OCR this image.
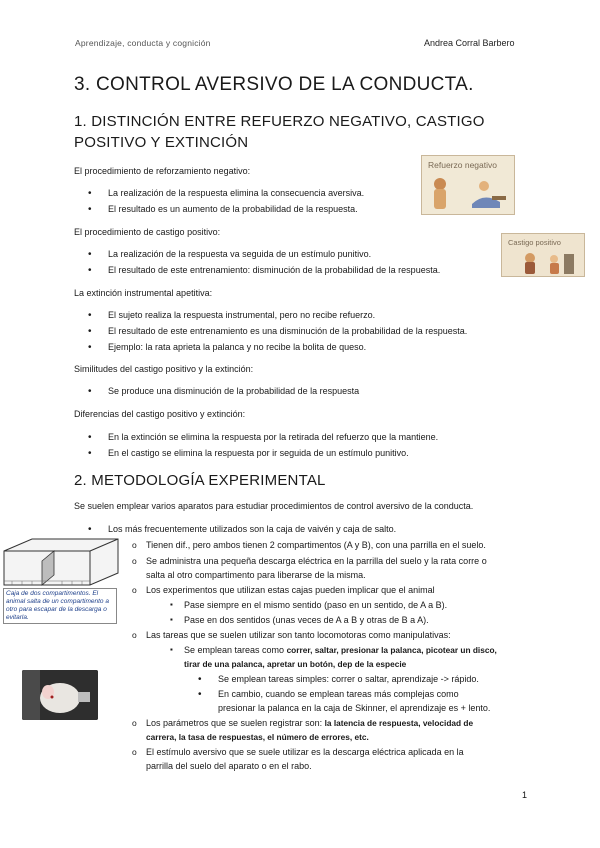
Aprendizaje, conducta y cognición	Andrea Corral Barbero
3. CONTROL AVERSIVO DE LA CONDUCTA.
1. DISTINCIÓN ENTRE REFUERZO NEGATIVO, CASTIGO
POSITIVO Y EXTINCIÓN
El procedimiento de reforzamiento negativo:
• La realización de la respuesta elimina la consecuencia aversiva.
• El resultado es un aumento de la probabilidad de la respuesta.
Refuerzo negativo
El procedimiento de castigo positivo:
• La realización de la respuesta va seguida de un estímulo punitivo.
• El resultado de este entrenamiento: disminución de la probabilidad de la respuesta.
Castigo positivo
La extinción instrumental apetitiva:
• El sujeto realiza la respuesta instrumental, pero no recibe refuerzo.
• El resultado de este entrenamiento es una disminución de la probabilidad de la respuesta.
• Ejemplo: la rata aprieta la palanca y no recibe la bolita de queso.
Similitudes del castigo positivo y la extinción:
• Se produce una disminución de la probabilidad de la respuesta
Diferencias del castigo positivo y extinción:
• En la extinción se elimina la respuesta por la retirada del refuerzo que la mantiene.
• En el castigo se elimina la respuesta por ir seguida de un estímulo punitivo.
2. METODOLOGÍA EXPERIMENTAL
Se suelen emplear varios aparatos para estudiar procedimientos de control aversivo de la conducta.
• Los más frecuentemente utilizados son la caja de vaivén y caja de salto.
o Tienen dif., pero ambos tienen 2 compartimentos (A y B), con una parrilla en el suelo.
o Se administra una pequeña descarga eléctrica en la parrilla del suelo y la rata corre o
salta al otro compartimento para liberarse de la misma.
o Los experimentos que utilizan estas cajas pueden implicar que el animal
▪ Pase siempre en el mismo sentido (paso en un sentido, de A a B).
▪ Pase en dos sentidos (unas veces de A a B y otras de B a A).
o Las tareas que se suelen utilizar son tanto locomotoras como manipulativas:
▪ Se emplean tareas como correr, saltar, presionar la palanca, picotear un disco,
tirar de una palanca, apretar un botón, dep de la especie
• Se emplean tareas simples: correr o saltar, aprendizaje -> rápido.
• En cambio, cuando se emplean tareas más complejas como
presionar la palanca en la caja de Skinner, el aprendizaje es + lento.
o Los parámetros que se suelen registrar son: la latencia de respuesta, velocidad de
carrera, la tasa de respuestas, el número de errores, etc.
o El estímulo aversivo que se suele utilizar es la descarga eléctrica aplicada en la
parrilla del suelo del aparato o en el rabo.
Caja de dos compartimentos. El animal salta de un compartimento a otro para escapar de la descarga o evitarla.
1
